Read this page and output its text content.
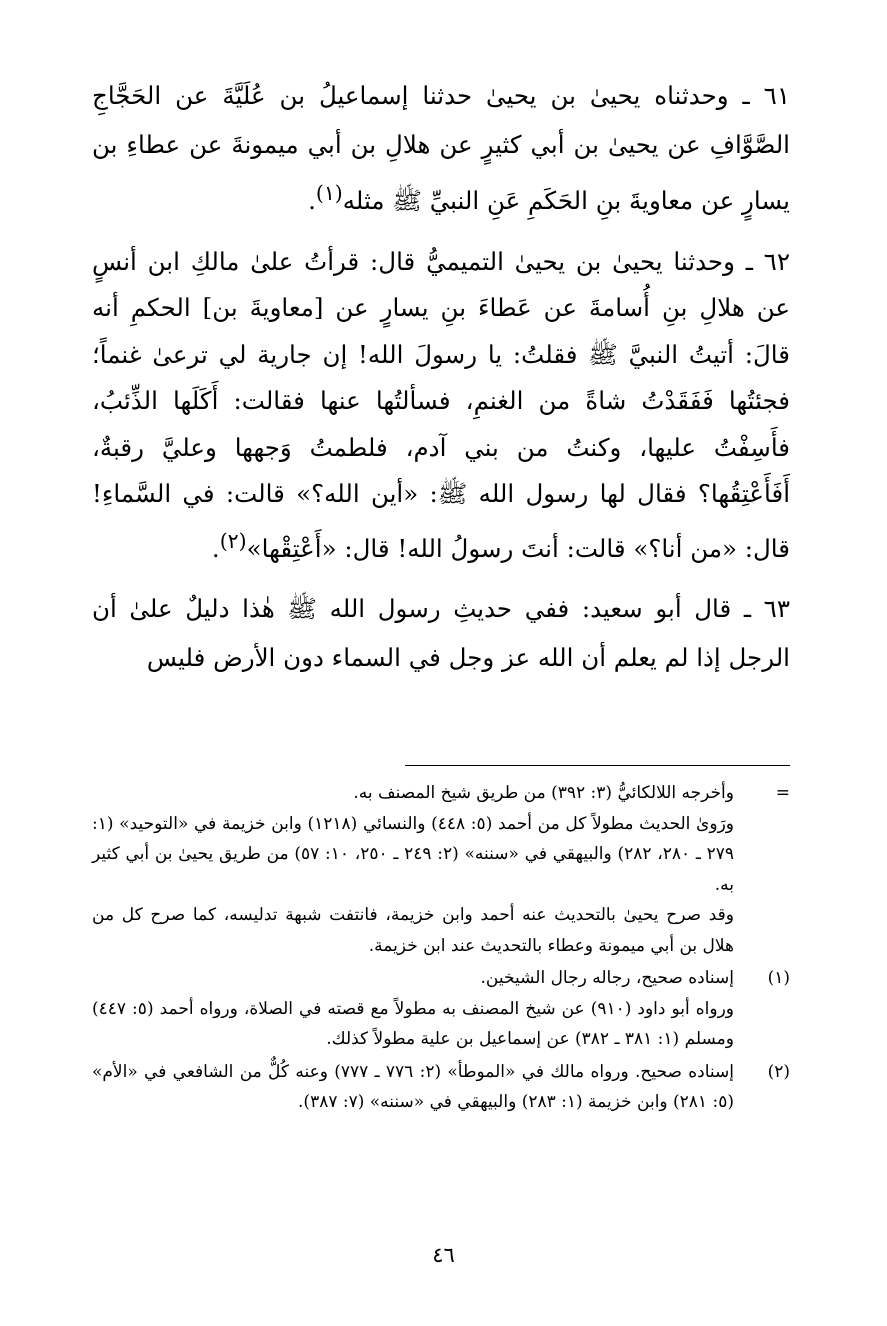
٦١ ـ وحدثناه يحيىٰ بن يحيىٰ حدثنا إسماعيلُ بن عُلَيَّةَ عن الحَجَّاجِ الصَّوَّافِ عن يحيىٰ بن أبي كثيرٍ عن هلالِ بن أبي ميمونةَ عن عطاءِ بن يسارٍ عن معاويةَ بنِ الحَكَمِ عَنِ النبيِّ ﷺ مثله$^{(١)}$.

٦٢ ـ وحدثنا يحيىٰ بن يحيىٰ التميميُّ قال: قرأتُ علىٰ مالكِ ابن أنسٍ عن هلالِ بنِ أُسامةَ عن عَطاءَ بنِ يسارٍ عن [معاويةَ بن] الحكمِ أنه قالَ: أتيتُ النبيَّ ﷺ فقلتُ: يا رسولَ الله! إن جارية لي ترعىٰ غنماً؛ فجئتُها فَفَقَدْتُ شاةً من الغنمِ، فسألتُها عنها فقالت: أَكَلَها الذِّئبُ، فأَسِفْتُ عليها، وكنتُ من بني آدم، فلطمتُ وَجهها وعليَّ رقبةٌ، أَفَأَعْتِقُها؟ فقال لها رسول الله ﷺ: «أين الله؟» قالت: في السَّماءِ! قال: «من أنا؟» قالت: أنتَ رسولُ الله! قال: «أَعْتِقْها»$^{(٢)}$.

٦٣ ـ قال أبو سعيد: ففي حديثِ رسول الله ﷺ هٰذا دليلٌ علىٰ أن الرجل إذا لم يعلم أن الله عز وجل في السماء دون الأرض فليس

=

وأخرجه اللالكائيُّ (٣: ٣٩٢) من طريق شيخ المصنف به.

ورَوىٰ الحديث مطولاً كل من أحمد (٥: ٤٤٨) والنسائي (١٢١٨) وابن خزيمة في «التوحيد» (١: ٢٧٩ ـ ٢٨٠، ٢٨٢) والبيهقي في «سننه» (٢: ٢٤٩ ـ ٢٥٠، ١٠: ٥٧) من طريق يحيىٰ بن أبي كثير به.

وقد صرح يحيىٰ بالتحديث عنه أحمد وابن خزيمة، فانتفت شبهة تدليسه، كما صرح كل من هلال بن أبي ميمونة وعطاء بالتحديث عند ابن خزيمة.

(١)

إسناده صحيح، رجاله رجال الشيخين.

ورواه أبو داود (٩١٠) عن شيخ المصنف به مطولاً مع قصته في الصلاة، ورواه أحمد (٥: ٤٤٧) ومسلم (١: ٣٨١ ـ ٣٨٢) عن إسماعيل بن علية مطولاً كذلك.

(٢)

إسناده صحيح. ورواه مالك في «الموطأ» (٢: ٧٧٦ ـ ٧٧٧) وعنه كُلٌّ من الشافعي في «الأم» (٥: ٢٨١) وابن خزيمة (١: ٢٨٣) والبيهقي في «سننه» (٧: ٣٨٧).

٤٦
